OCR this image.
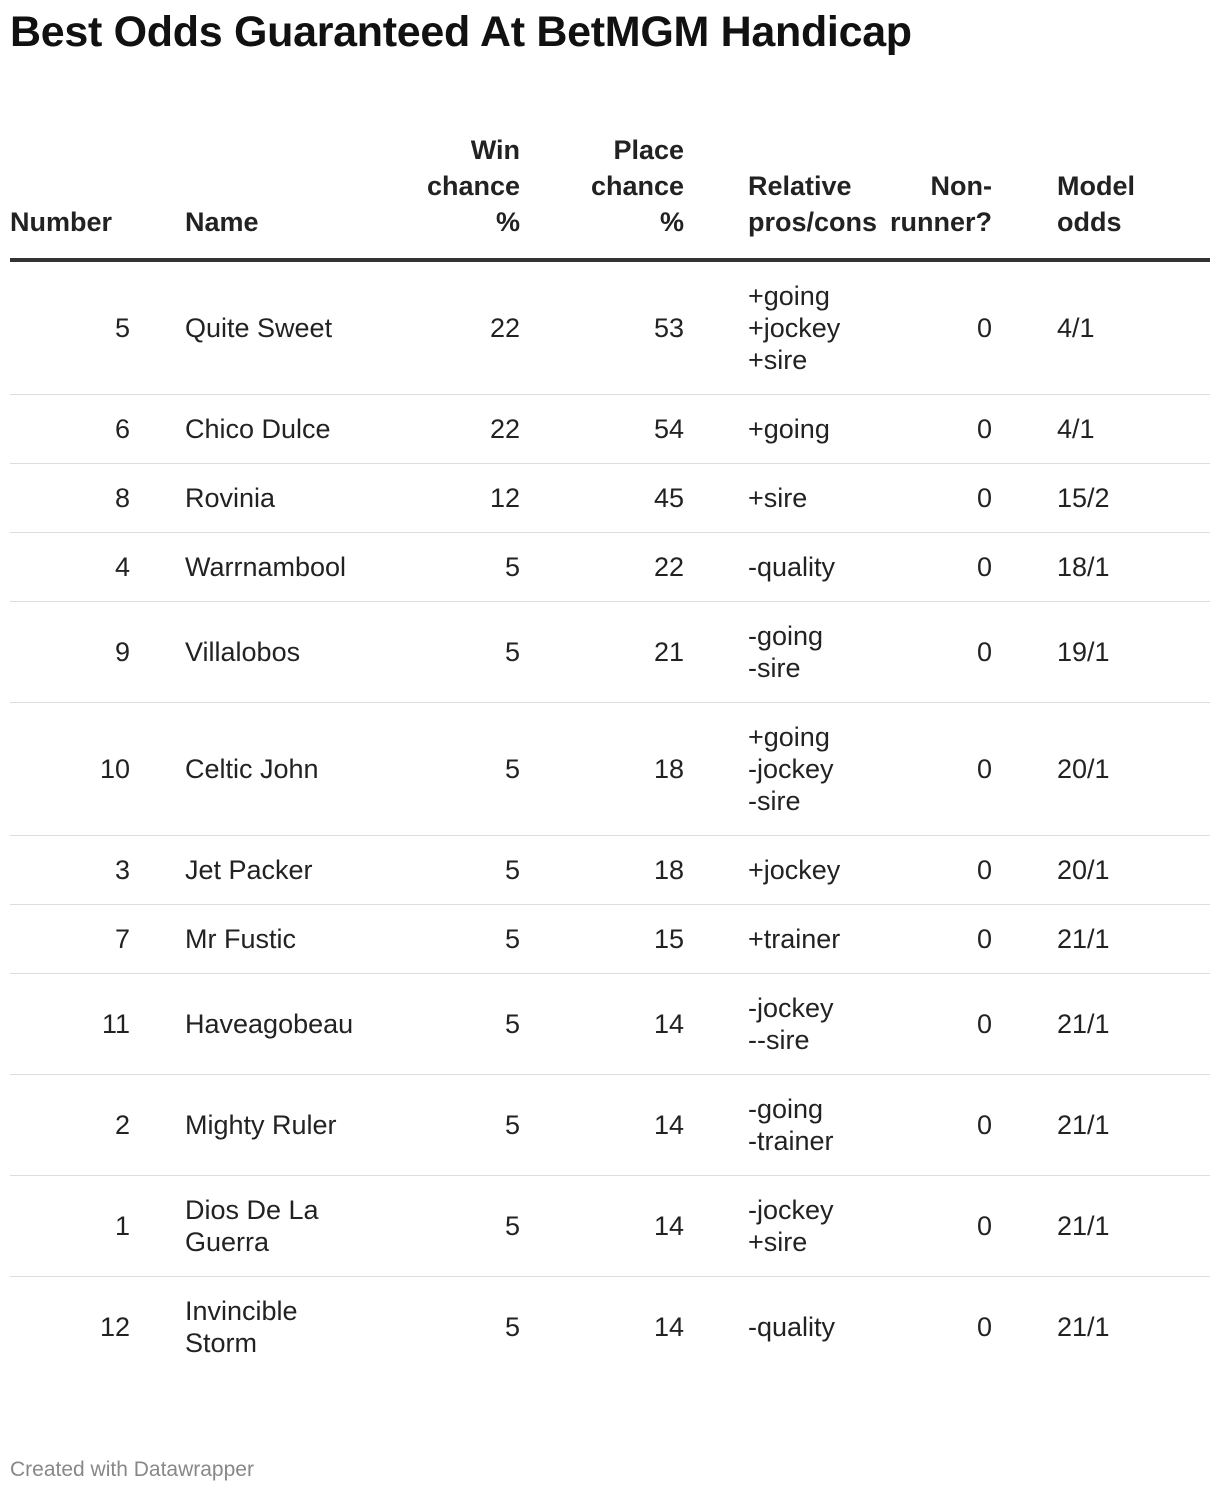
Best Odds Guaranteed At BetMGM Handicap
Number	Name	Win
chance
%	Place
chance
%	Relative
pros/cons	Non-
runner?	Model
odds

5	Quite Sweet	22	53	+going
+jockey
+sire	0	4/1
6	Chico Dulce	22	54	+going	0	4/1
8	Rovinia	12	45	+sire	0	15/2
4	Warrnambool	5	22	-quality	0	18/1
9	Villalobos	5	21	-going
-sire	0	19/1
10	Celtic John	5	18	+going
-jockey
-sire	0	20/1
3	Jet Packer	5	18	+jockey	0	20/1
7	Mr Fustic	5	15	+trainer	0	21/1
11	Haveagobeau	5	14	-jockey
--sire	0	21/1
2	Mighty Ruler	5	14	-going
-trainer	0	21/1
1	Dios De La
Guerra	5	14	-jockey
+sire	0	21/1
12	Invincible
Storm	5	14	-quality	0	21/1
Created with Datawrapper
